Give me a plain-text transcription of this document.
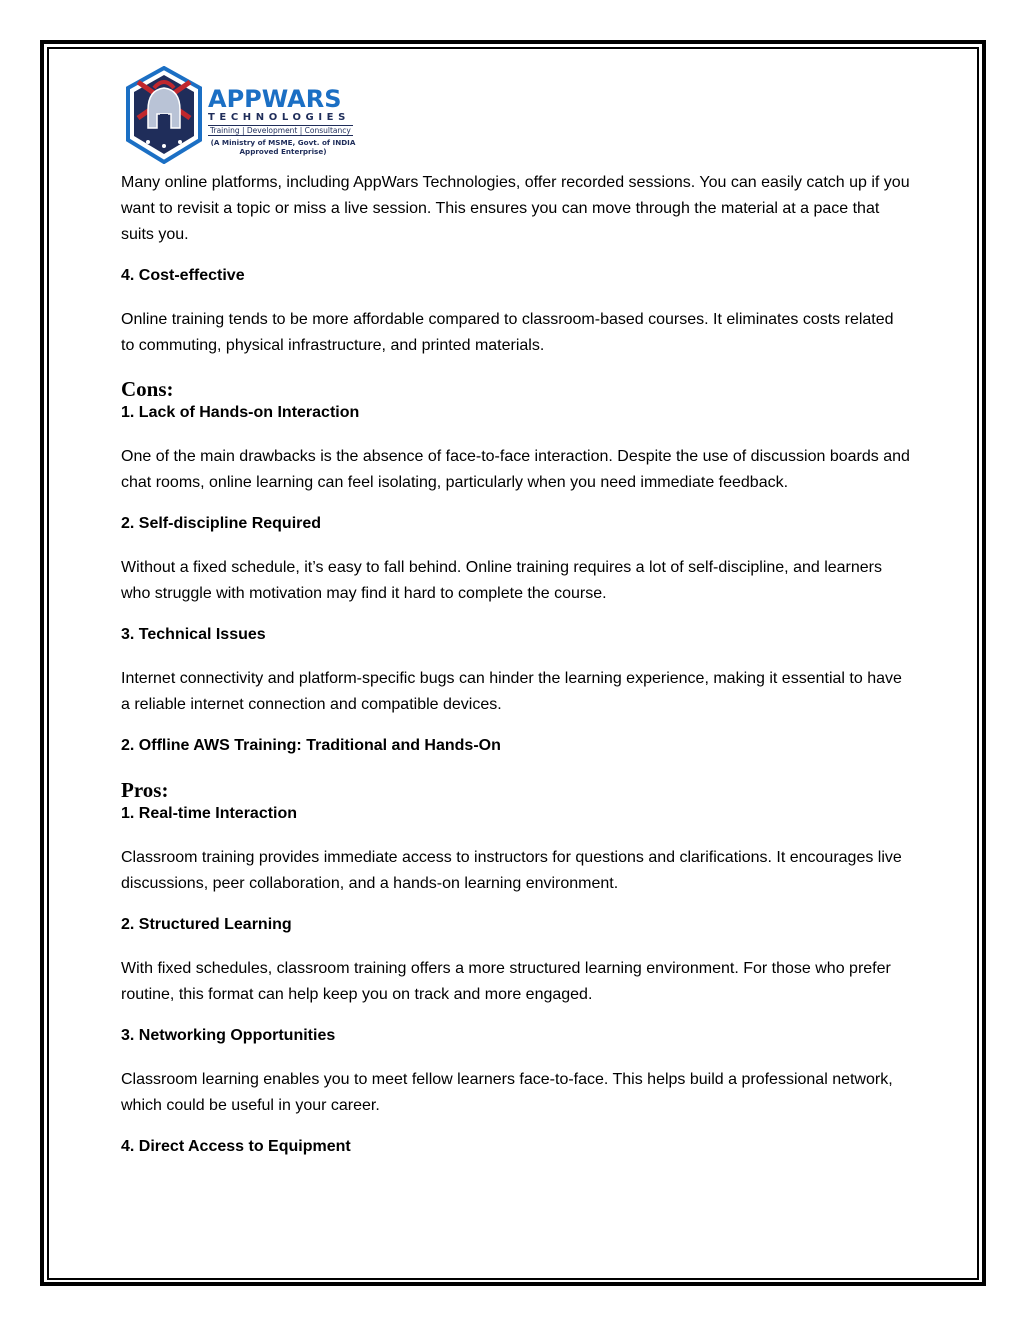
APPWARS
TECHNOLOGIES
Training | Development | Consultancy
(A Ministry of MSME, Govt. of INDIA
Approved Enterprise)

Many online platforms, including AppWars Technologies, offer recorded sessions. You can easily catch up if you want to revisit a topic or miss a live session. This ensures you can move through the material at a pace that suits you.

4. Cost-effective

Online training tends to be more affordable compared to classroom-based courses. It eliminates costs related to commuting, physical infrastructure, and printed materials.

Cons:
1. Lack of Hands-on Interaction

One of the main drawbacks is the absence of face-to-face interaction. Despite the use of discussion boards and chat rooms, online learning can feel isolating, particularly when you need immediate feedback.

2. Self-discipline Required

Without a fixed schedule, it’s easy to fall behind. Online training requires a lot of self-discipline, and learners who struggle with motivation may find it hard to complete the course.

3. Technical Issues

Internet connectivity and platform-specific bugs can hinder the learning experience, making it essential to have a reliable internet connection and compatible devices.

2. Offline AWS Training: Traditional and Hands-On
Pros:
1. Real-time Interaction

Classroom training provides immediate access to instructors for questions and clarifications. It encourages live discussions, peer collaboration, and a hands-on learning environment.

2. Structured Learning

With fixed schedules, classroom training offers a more structured learning environment. For those who prefer routine, this format can help keep you on track and more engaged.

3. Networking Opportunities

Classroom learning enables you to meet fellow learners face-to-face. This helps build a professional network, which could be useful in your career.

4. Direct Access to Equipment
